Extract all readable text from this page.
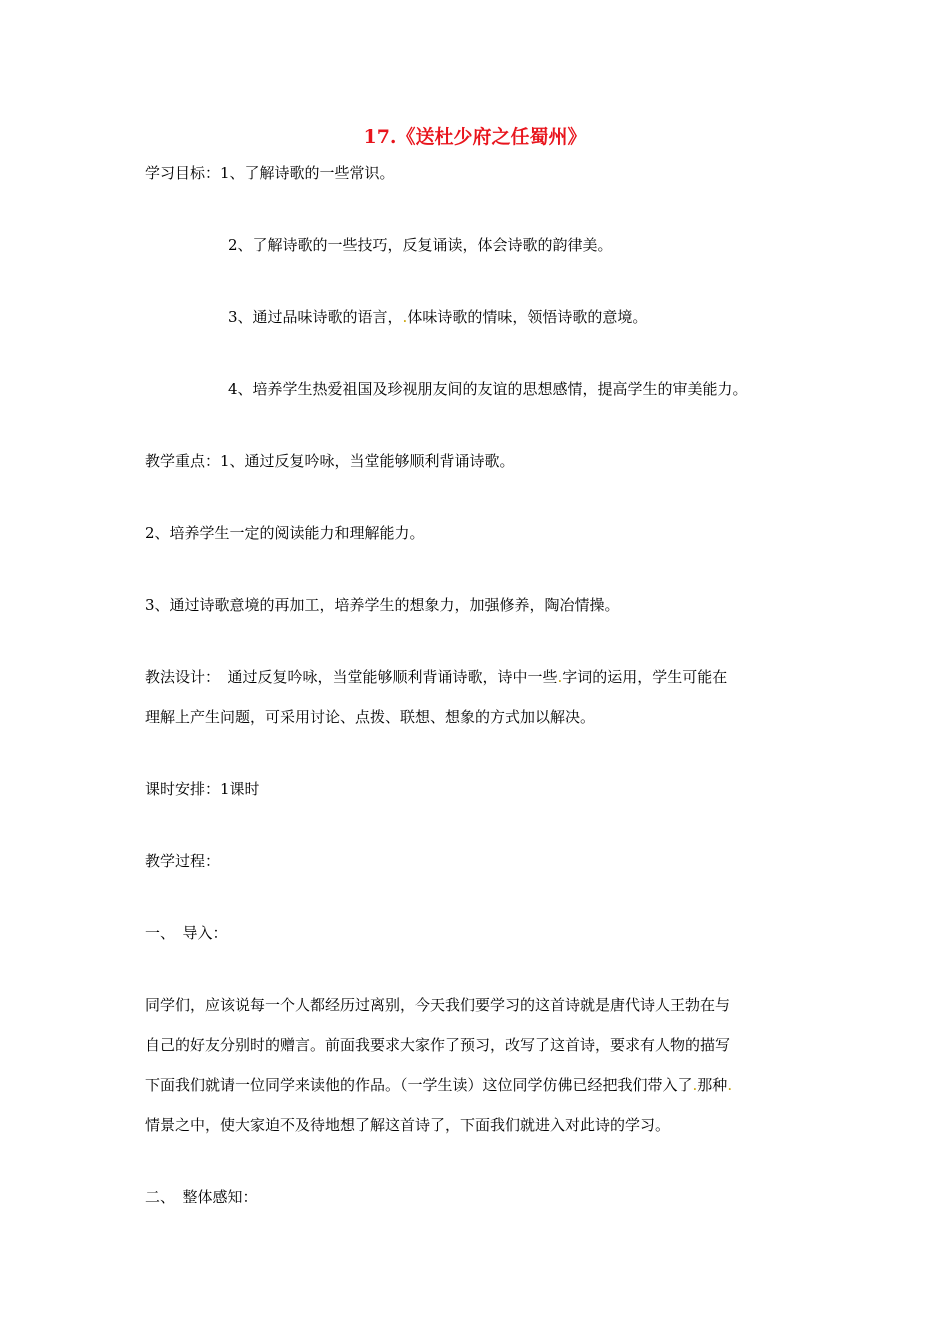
17.《送杜少府之任蜀州》
学习目标：1、了解诗歌的一些常识。
2、了解诗歌的一些技巧，反复诵读，体会诗歌的韵律美。
3、通过品味诗歌的语言，.体味诗歌的情味，领悟诗歌的意境。
4、培养学生热爱祖国及珍视朋友间的友谊的思想感情，提高学生的审美能力。
教学重点：1、通过反复吟咏，当堂能够顺利背诵诗歌。
2、培养学生一定的阅读能力和理解能力。
3、通过诗歌意境的再加工，培养学生的想象力，加强修养，陶冶情操。
教法设计：　通过反复吟咏，当堂能够顺利背诵诗歌，诗中一些.字词的运用，学生可能在
理解上产生问题，可采用讨论、点拨、联想、想象的方式加以解决。
课时安排：1课时
教学过程：
一、　导入：
同学们，应该说每一个人都经历过离别，今天我们要学习的这首诗就是唐代诗人王勃在与
自己的好友分别时的赠言。前面我要求大家作了预习，改写了这首诗，要求有人物的描写
下面我们就请一位同学来读他的作品。（一学生读）这位同学仿佛已经把我们带入了.那种.
情景之中，使大家迫不及待地想了解这首诗了，下面我们就进入对此诗的学习。
二、　整体感知：
